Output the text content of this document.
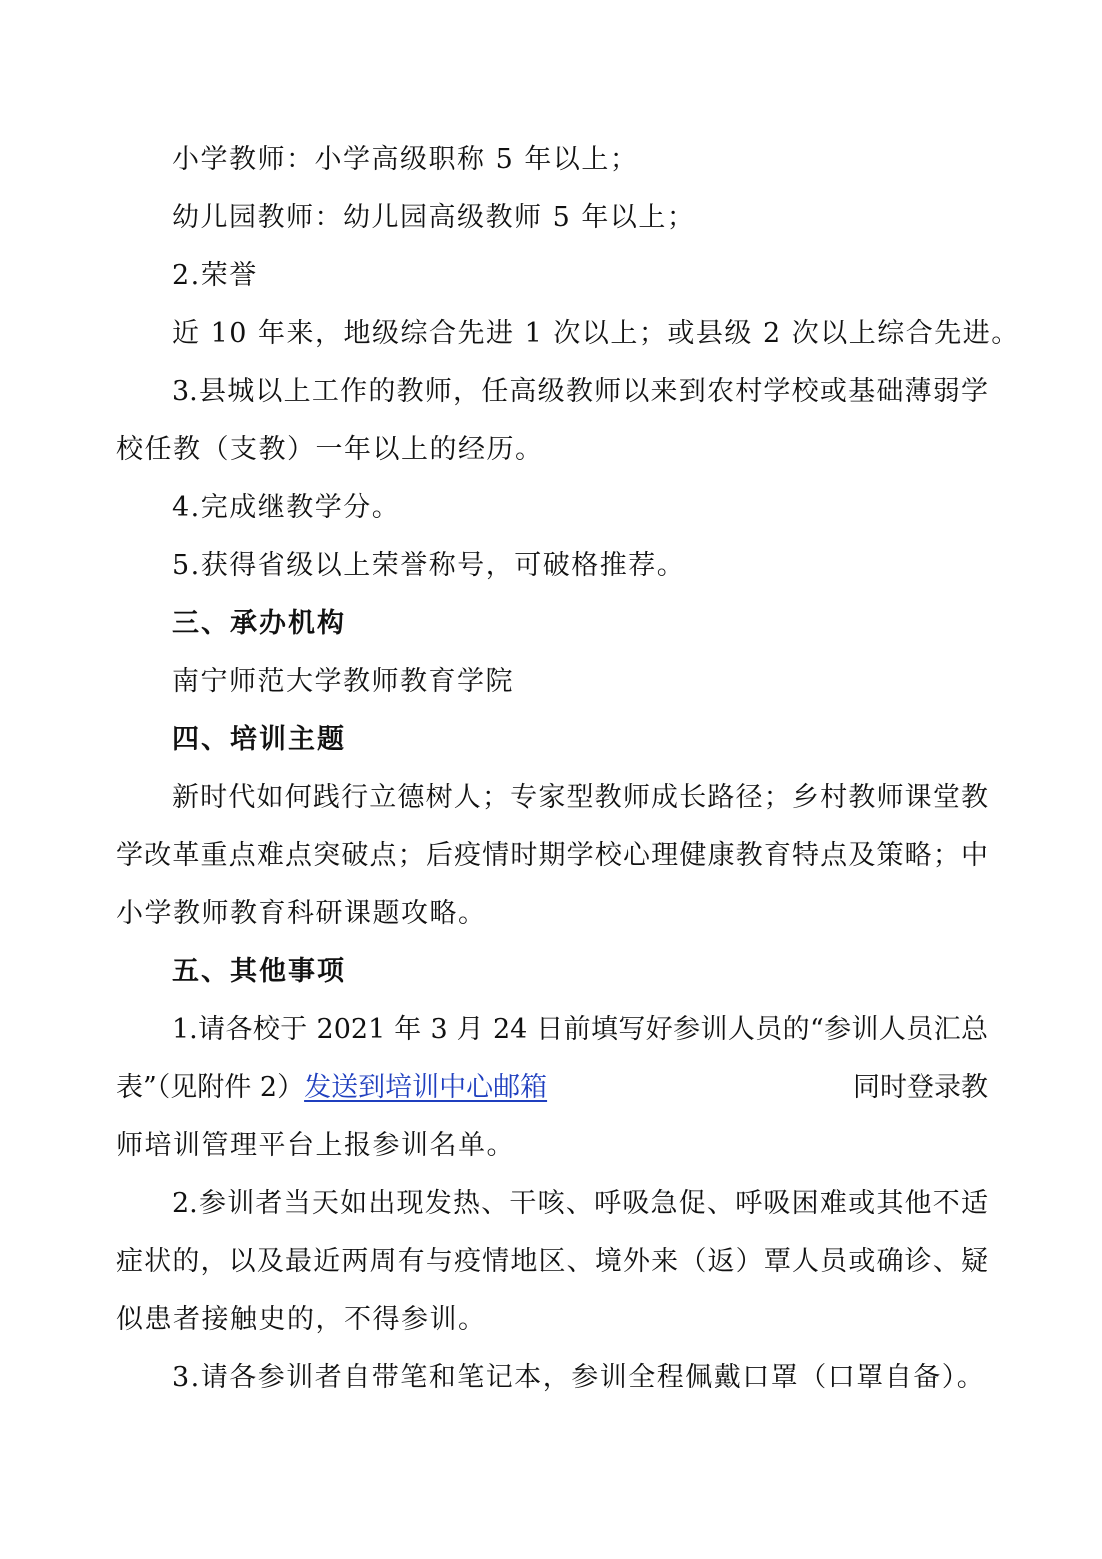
小学教师：小学高级职称 5 年以上；
幼儿园教师：幼儿园高级教师 5 年以上；
2.荣誉
近 10 年来，地级综合先进 1 次以上；或县级 2 次以上综合先进。
3.县城以上工作的教师，任高级教师以来到农村学校或基础薄弱学
校任教（支教）一年以上的经历。
4.完成继教学分。
5.获得省级以上荣誉称号，可破格推荐。
三、承办机构
南宁师范大学教师教育学院
四、培训主题
新时代如何践行立德树人；专家型教师成长路径；乡村教师课堂教
学改革重点难点突破点；后疫情时期学校心理健康教育特点及策略；中
小学教师教育科研课题攻略。
五、其他事项
1.请各校于 2021 年 3 月 24 日前填写好参训人员的“参训人员汇总
表”（见附件 2）发送到培训中心邮箱	同时登录教
师培训管理平台上报参训名单。
2.参训者当天如出现发热、干咳、呼吸急促、呼吸困难或其他不适
症状的，以及最近两周有与疫情地区、境外来（返）覃人员或确诊、疑
似患者接触史的，不得参训。
3.请各参训者自带笔和笔记本，参训全程佩戴口罩（口罩自备）。
